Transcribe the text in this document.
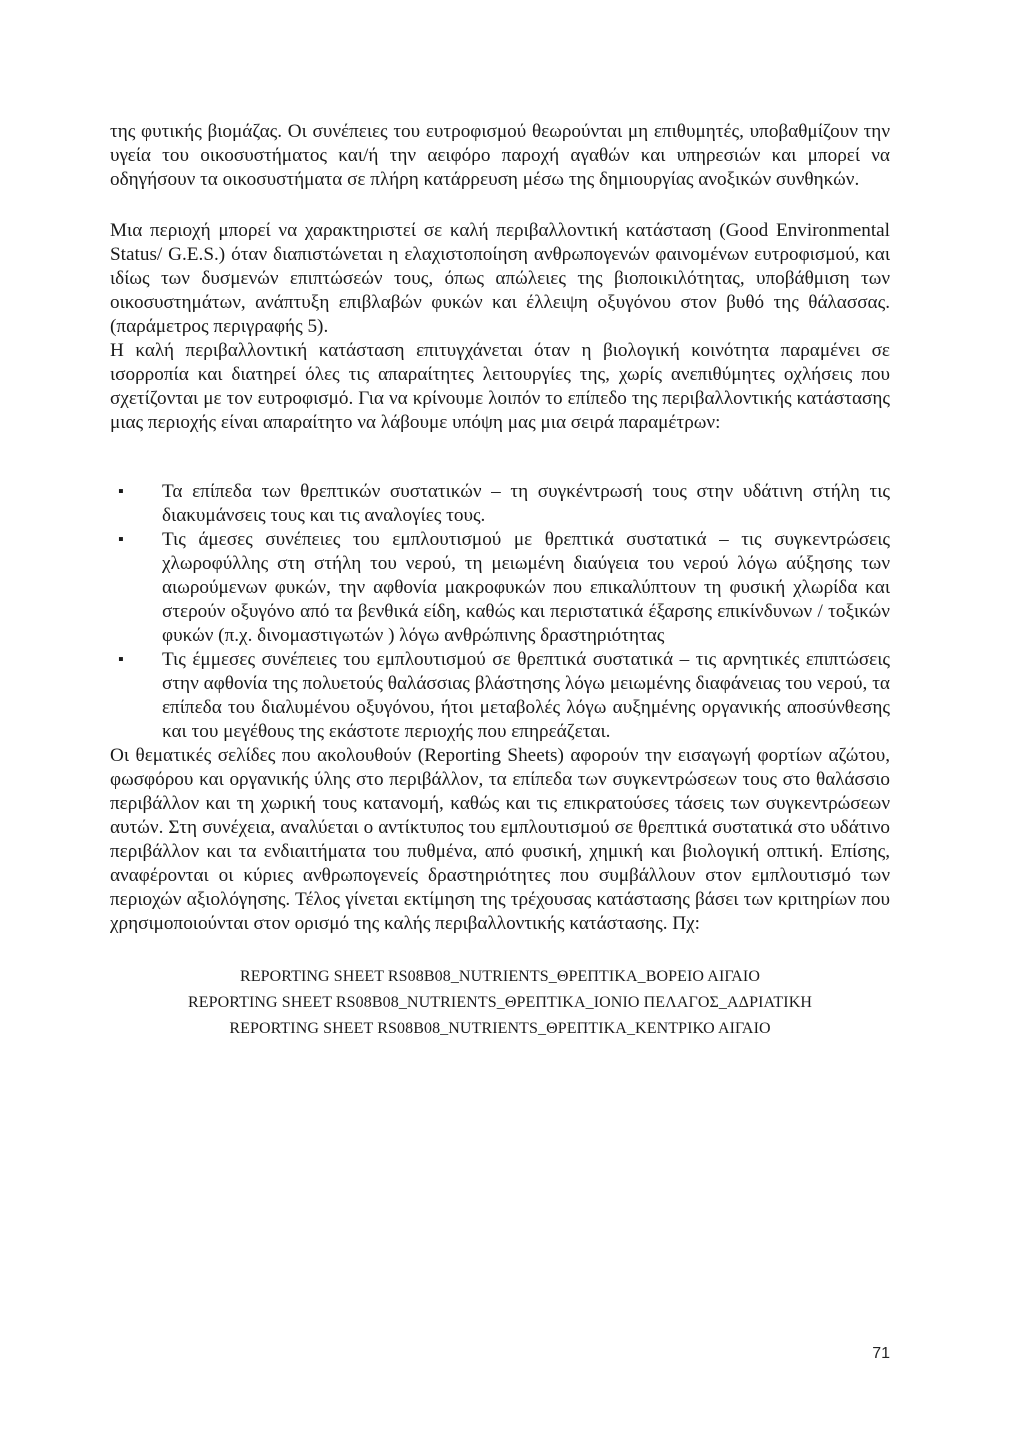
της φυτικής βιομάζας. Οι συνέπειες του ευτροφισμού θεωρούνται μη επιθυμητές, υποβαθμίζουν την υγεία του οικοσυστήματος και/ή την αειφόρο παροχή αγαθών και υπηρεσιών και μπορεί να οδηγήσουν τα οικοσυστήματα σε πλήρη κατάρρευση μέσω της δημιουργίας ανοξικών συνθηκών.

Μια περιοχή μπορεί να χαρακτηριστεί σε καλή περιβαλλοντική κατάσταση (Good Environmental Status/ G.E.S.) όταν διαπιστώνεται η ελαχιστοποίηση ανθρωπογενών φαινομένων ευτροφισμού, και ιδίως των δυσμενών επιπτώσεών τους, όπως απώλειες της βιοποικιλότητας, υποβάθμιση των οικοσυστημάτων, ανάπτυξη επιβλαβών φυκών και έλλειψη οξυγόνου στον βυθό της θάλασσας. (παράμετρος περιγραφής 5).

Η καλή περιβαλλοντική κατάσταση επιτυγχάνεται όταν η βιολογική κοινότητα παραμένει σε ισορροπία και διατηρεί όλες τις απαραίτητες λειτουργίες της, χωρίς ανεπιθύμητες οχλήσεις που σχετίζονται με τον ευτροφισμό. Για να κρίνουμε λοιπόν το επίπεδο της περιβαλλοντικής κατάστασης μιας περιοχής είναι απαραίτητο να λάβουμε υπόψη μας μια σειρά παραμέτρων:

▪ Τα επίπεδα των θρεπτικών συστατικών – τη συγκέντρωσή τους στην υδάτινη στήλη τις διακυμάνσεις τους και τις αναλογίες τους.
▪ Τις άμεσες συνέπειες του εμπλουτισμού με θρεπτικά συστατικά – τις συγκεντρώσεις χλωροφύλλης στη στήλη του νερού, τη μειωμένη διαύγεια του νερού λόγω αύξησης των αιωρούμενων φυκών, την αφθονία μακροφυκών που επικαλύπτουν τη φυσική χλωρίδα και στερούν οξυγόνο από τα βενθικά είδη, καθώς και περιστατικά έξαρσης επικίνδυνων / τοξικών φυκών (π.χ. δινομαστιγωτών ) λόγω ανθρώπινης δραστηριότητας
▪ Τις έμμεσες συνέπειες του εμπλουτισμού σε θρεπτικά συστατικά – τις αρνητικές επιπτώσεις στην αφθονία της πολυετούς θαλάσσιας βλάστησης λόγω μειωμένης διαφάνειας του νερού, τα επίπεδα του διαλυμένου οξυγόνου, ήτοι μεταβολές λόγω αυξημένης οργανικής αποσύνθεσης και του μεγέθους της εκάστοτε περιοχής που επηρεάζεται.

Οι θεματικές σελίδες που ακολουθούν (Reporting Sheets) αφορούν την εισαγωγή φορτίων αζώτου, φωσφόρου και οργανικής ύλης στο περιβάλλον, τα επίπεδα των συγκεντρώσεων τους στο θαλάσσιο περιβάλλον και τη χωρική τους κατανομή, καθώς και τις επικρατούσες τάσεις των συγκεντρώσεων αυτών. Στη συνέχεια, αναλύεται ο αντίκτυπος του εμπλουτισμού σε θρεπτικά συστατικά στο υδάτινο περιβάλλον και τα ενδιαιτήματα του πυθμένα, από φυσική, χημική και βιολογική οπτική. Επίσης, αναφέρονται οι κύριες ανθρωπογενείς δραστηριότητες που συμβάλλουν στον εμπλουτισμό των περιοχών αξιολόγησης. Τέλος γίνεται εκτίμηση της τρέχουσας κατάστασης βάσει των κριτηρίων που χρησιμοποιούνται στον ορισμό της καλής περιβαλλοντικής κατάστασης. Πχ:

REPORTING SHEET RS08B08_NUTRIENTS_ΘΡΕΠΤΙΚΑ_ΒΟΡΕΙΟ ΑΙΓΑΙΟ
REPORTING SHEET RS08B08_NUTRIENTS_ΘΡΕΠΤΙΚΑ_ΙΟΝΙΟ ΠΕΛΑΓΟΣ_ΑΔΡΙΑΤΙΚΗ
REPORTING SHEET RS08B08_NUTRIENTS_ΘΡΕΠΤΙΚΑ_ΚΕΝΤΡΙΚΟ ΑΙΓΑΙΟ
71
